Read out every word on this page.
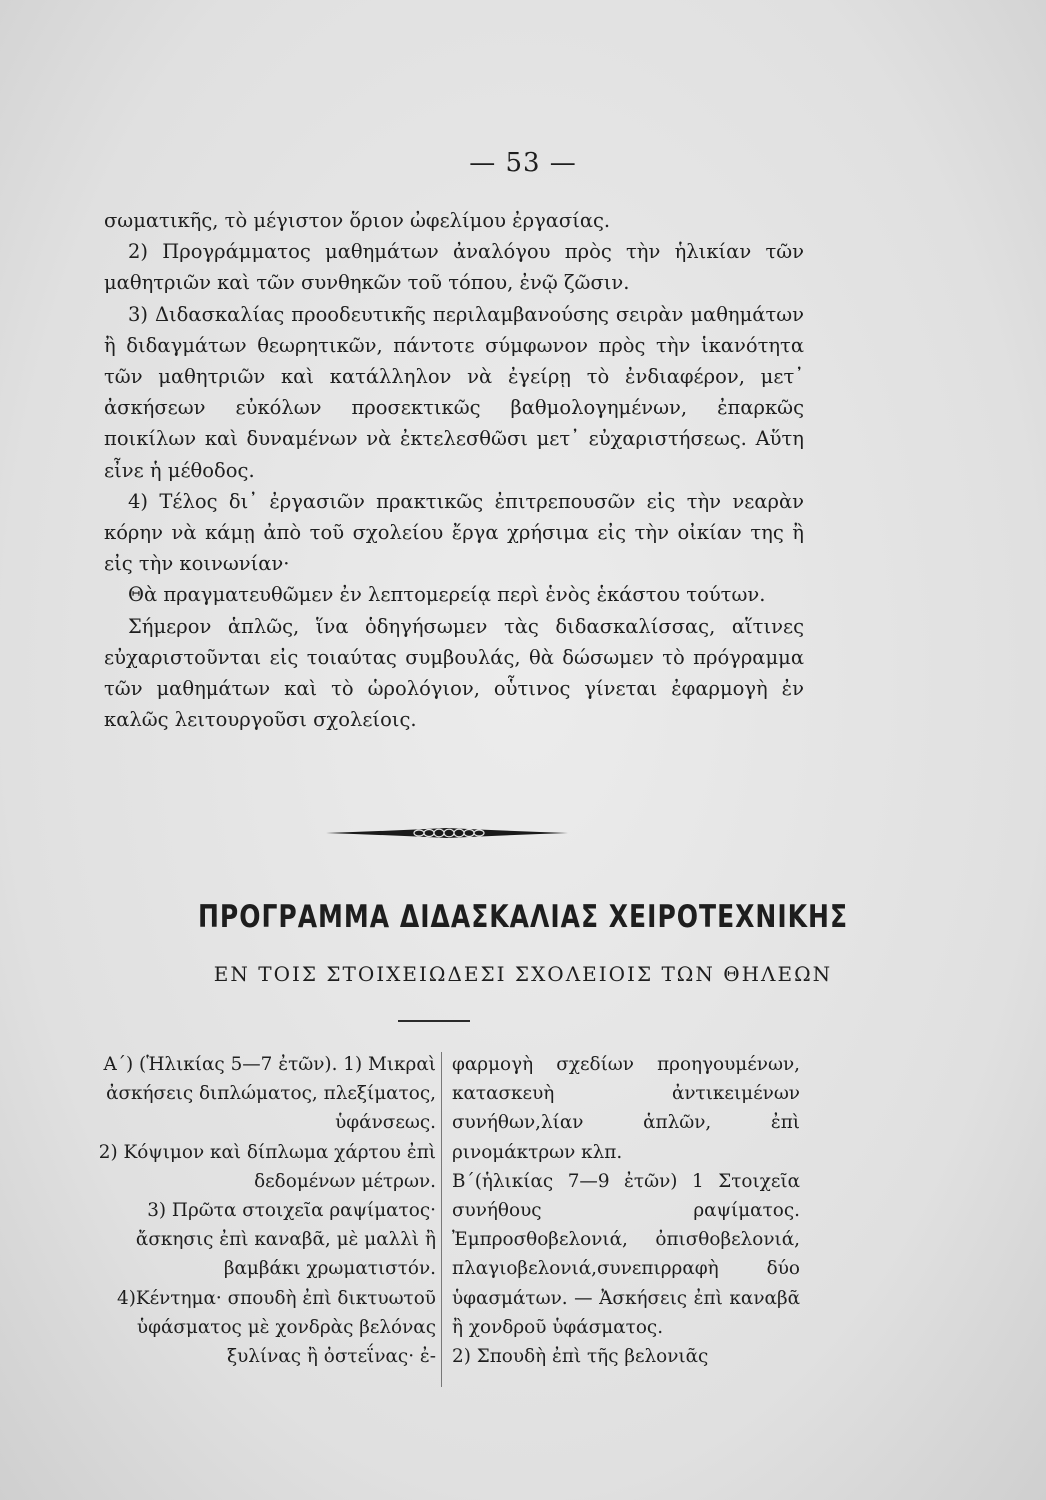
— 53 —

σωματικῆς, τὸ μέγιστον ὅριον ὠφελίμου ἐργασίας.

2) Προγράμματος μαθημάτων ἀναλόγου πρὸς τὴν ἡλικίαν τῶν μαθητριῶν καὶ τῶν συνθηκῶν τοῦ τόπου, ἐνῷ ζῶσιν.

3) Διδασκαλίας προοδευτικῆς περιλαμβανούσης σειρὰν μαθημάτων ἢ διδαγμάτων θεωρητικῶν, πάντοτε σύμφωνον πρὸς τὴν ἱκανότητα τῶν μαθητριῶν καὶ κατάλληλον νὰ ἐγείρῃ τὸ ἐνδιαφέρον, μετ᾽ ἀσκήσεων εὐκόλων προσεκτικῶς βαθμολογημένων, ἐπαρκῶς ποικίλων καὶ δυναμένων νὰ ἐκτελεσθῶσι μετ᾽ εὐχαριστήσεως. Αὕτη εἶνε ἡ μέθοδος.

4) Τέλος δι᾽ ἐργασιῶν πρακτικῶς ἐπιτρεπουσῶν εἰς τὴν νεαρὰν κόρην νὰ κάμῃ ἀπὸ τοῦ σχολείου ἔργα χρήσιμα εἰς τὴν οἰκίαν της ἢ εἰς τὴν κοινωνίαν·

Θὰ πραγματευθῶμεν ἐν λεπτομερείᾳ περὶ ἑνὸς ἑκάστου τούτων.

Σήμερον ἁπλῶς, ἵνα ὁδηγήσωμεν τὰς διδασκαλίσσας, αἵτινες εὐχαριστοῦνται εἰς τοιαύτας συμβουλάς, θὰ δώσωμεν τὸ πρόγραμμα τῶν μαθημάτων καὶ τὸ ὡρολόγιον, οὗτινος γίνεται ἐφαρμογὴ ἐν καλῶς λειτουργοῦσι σχολείοις.

ΠΡΟΓΡΑΜΜΑ ΔΙΔΑΣΚΑΛΙΑΣ ΧΕΙΡΟΤΕΧΝΙΚΗΣ
ΕΝ ΤΟΙΣ ΣΤΟΙΧΕΙΩΔΕΣΙ ΣΧΟΛΕΙΟΙΣ ΤΩΝ ΘΗΛΕΩΝ

Α΄) (Ἡλικίας 5—7 ἐτῶν). 1) Μικραὶ ἀσκήσεις διπλώματος, πλεξίματος, ὑφάνσεως.

2) Κόψιμον καὶ δίπλωμα χάρτου ἐπὶ δεδομένων μέτρων.

3) Πρῶτα στοιχεῖα ραψίματος· ἄσκησις ἐπὶ καναβᾶ, μὲ μαλλὶ ἢ βαμβάκι χρωματιστόν.

4)Κέντημα· σπουδὴ ἐπὶ δικτυωτοῦ ὑφάσματος μὲ χονδρὰς βελόνας ξυλίνας ἢ ὀστεΐνας· ἐ-

φαρμογὴ σχεδίων προηγουμένων, κατασκευὴ ἀντικειμένων συνήθων,λίαν ἁπλῶν, ἐπὶ ρινομάκτρων κλπ.

Β΄(ἡλικίας 7—9 ἐτῶν) 1 Στοιχεῖα συνήθους ραψίματος. Ἐμπροσθοβελονιά, ὀπισθοβελονιά, πλαγιοβελονιά,συνεπιρραφὴ δύο ὑφασμάτων. — Ἀσκήσεις ἐπὶ καναβᾶ ἢ χονδροῦ ὑφάσματος.

2) Σπουδὴ ἐπὶ τῆς βελονιᾶς
